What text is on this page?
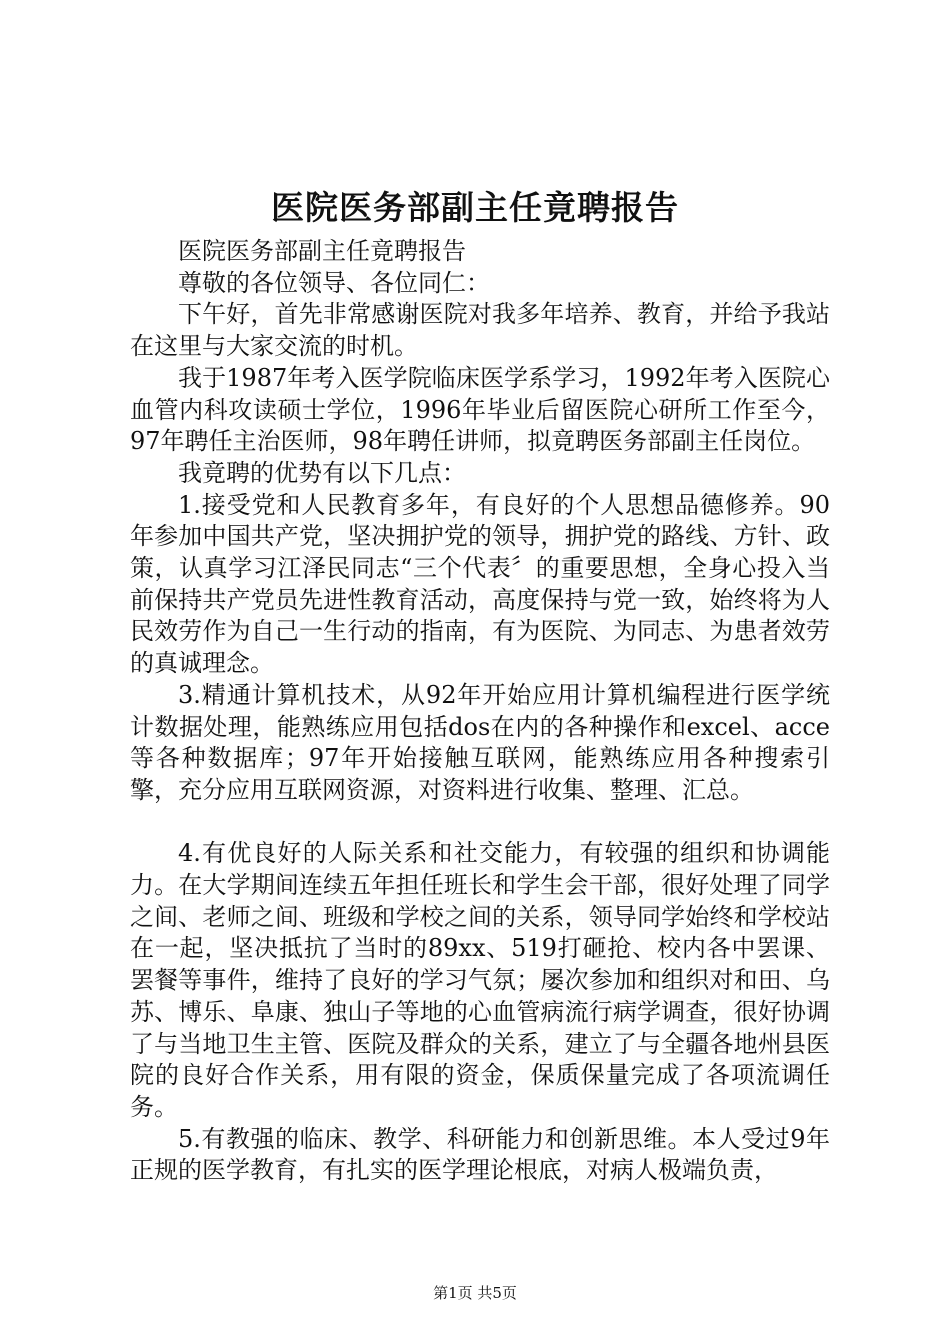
医院医务部副主任竟聘报告

医院医务部副主任竟聘报告

尊敬的各位领导、各位同仁：

下午好，首先非常感谢医院对我多年培养、教育，并给予我站在这里与大家交流的时机。

我于1987年考入医学院临床医学系学习，1992年考入医院心血管内科攻读硕士学位，1996年毕业后留医院心研所工作至今，97年聘任主治医师，98年聘任讲师，拟竟聘医务部副主任岗位。

我竟聘的优势有以下几点：

1.接受党和人民教育多年，有良好的个人思想品德修养。90年参加中国共产党，坚决拥护党的领导，拥护党的路线、方针、政策，认真学习江泽民同志“三个代表〞的重要思想，全身心投入当前保持共产党员先进性教育活动，高度保持与党一致，始终将为人民效劳作为自己一生行动的指南，有为医院、为同志、为患者效劳的真诚理念。

3.精通计算机技术，从92年开始应用计算机编程进行医学统计数据处理，能熟练应用包括dos在内的各种操作和excel、acce等各种数据库；97年开始接触互联网，能熟练应用各种搜索引擎，充分应用互联网资源，对资料进行收集、整理、汇总。

4.有优良好的人际关系和社交能力，有较强的组织和协调能力。在大学期间连续五年担任班长和学生会干部，很好处理了同学之间、老师之间、班级和学校之间的关系，领导同学始终和学校站在一起，坚决抵抗了当时的89xx、519打砸抢、校内各中罢课、罢餐等事件，维持了良好的学习气氛；屡次参加和组织对和田、乌苏、博乐、阜康、独山子等地的心血管病流行病学调查，很好协调了与当地卫生主管、医院及群众的关系，建立了与全疆各地州县医院的良好合作关系，用有限的资金，保质保量完成了各项流调任务。

5.有教强的临床、教学、科研能力和创新思维。本人受过9年正规的医学教育，有扎实的医学理论根底，对病人极端负责，

第1页 共5页
